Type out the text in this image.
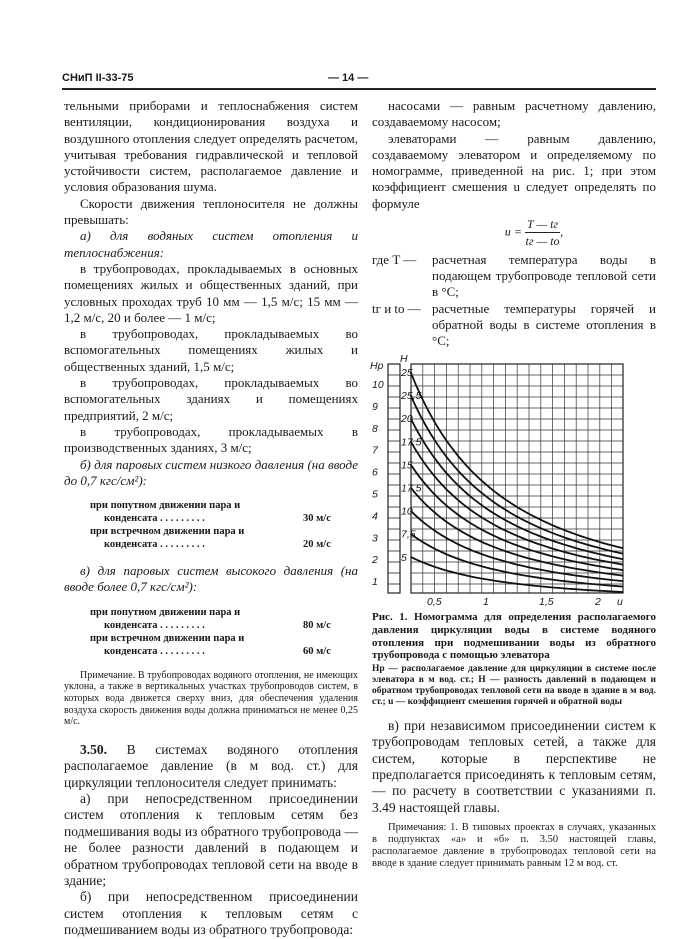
СНиП II-33-75	— 14 —

тельными приборами и теплоснабжения систем вентиляции, кондиционирования воздуха и воздушного отопления следует определять расчетом, учитывая требования гидравлической и тепловой устойчивости систем, располагаемое давление и условия образования шума.

Скорости движения теплоносителя не должны превышать:

а) для водяных систем отопления и теплоснабжения:

в трубопроводах, прокладываемых в основных помещениях жилых и общественных зданий, при условных проходах труб 10 мм — 1,5 м/с; 15 мм — 1,2 м/с, 20 и более — 1 м/с;

в трубопроводах, прокладываемых во вспомогательных помещениях жилых и общественных зданий, 1,5 м/с;

в трубопроводах, прокладываемых во вспомогательных зданиях и помещениях предприятий, 2 м/с;

в трубопроводах, прокладываемых в производственных зданиях, 3 м/с;

б) для паровых систем низкого давления (на вводе до 0,7 кгс/см²):

при попутном движении пара и
конденсата . . . . . . . . .	30 м/с
при встречном движении пара и
конденсата . . . . . . . . .	20 м/с

в) для паровых систем высокого давления (на вводе более 0,7 кгс/см²):

при попутном движении пара и
конденсата . . . . . . . . .	80 м/с
при встречном движении пара и
конденсата . . . . . . . . .	60 м/с

Примечание. В трубопроводах водяного отопления, не имеющих уклона, а также в вертикальных участках трубопроводов систем, в которых вода движется сверху вниз, для обеспечения удаления воздуха скорость движения воды должна приниматься не менее 0,25 м/с.

3.50. В системах водяного отопления располагаемое давление (в м вод. ст.) для циркуляции теплоносителя следует принимать:

а) при непосредственном присоединении систем отопления к тепловым сетям без подмешивания воды из обратного трубопровода — не более разности давлений в подающем и обратном трубопроводах тепловой сети на вводе в здание;

б) при непосредственном присоединении систем отопления к тепловым сетям с подмешиванием воды из обратного трубопровода:

насосами — равным расчетному давлению, создаваемому насосом;

элеваторами — равным давлению, создаваемому элеватором и определяемому по номограмме, приведенной на рис. 1; при этом коэффициент смешения u следует определять по формуле

$u = \frac{T — tг}{tг — tо}$ ,
где T —	расчетная температура воды в подающем трубопроводе тепловой сети в °С;
tг и tо — расчетные температуры горячей и обратной воды в системе отопления в °С;
Hр
H
u
1
2
3
4
5
6
7
8
9
10
0,5	1	1,5	2
25
25,5
20
17,5
15
17,5
10
7,5
5
Рис. 1. Номограмма для определения располагаемого давления циркуляции воды в системе водяного отопления при подмешивании воды из обратного трубопровода с помощью элеватора
Hр — располагаемое давление для циркуляции в системе после элеватора в м вод. ст.; H — разность давлений в подающем и обратном трубопроводах тепловой сети на вводе в здание в м вод. ст.; u — коэффициент смешения горячей и обратной воды
в) при независимом присоединении систем к трубопроводам тепловых сетей, а также для систем, которые в перспективе не предполагается присоединять к тепловым сетям, — по расчету в соответствии с указаниями п. 3.49 настоящей главы.
Примечания: 1. В типовых проектах в случаях, указанных в подпунктах «а» и «б» п. 3.50 настоящей главы, располагаемое давление в трубопроводах тепловой сети на вводе в здание следует принимать равным 12 м вод. ст.
